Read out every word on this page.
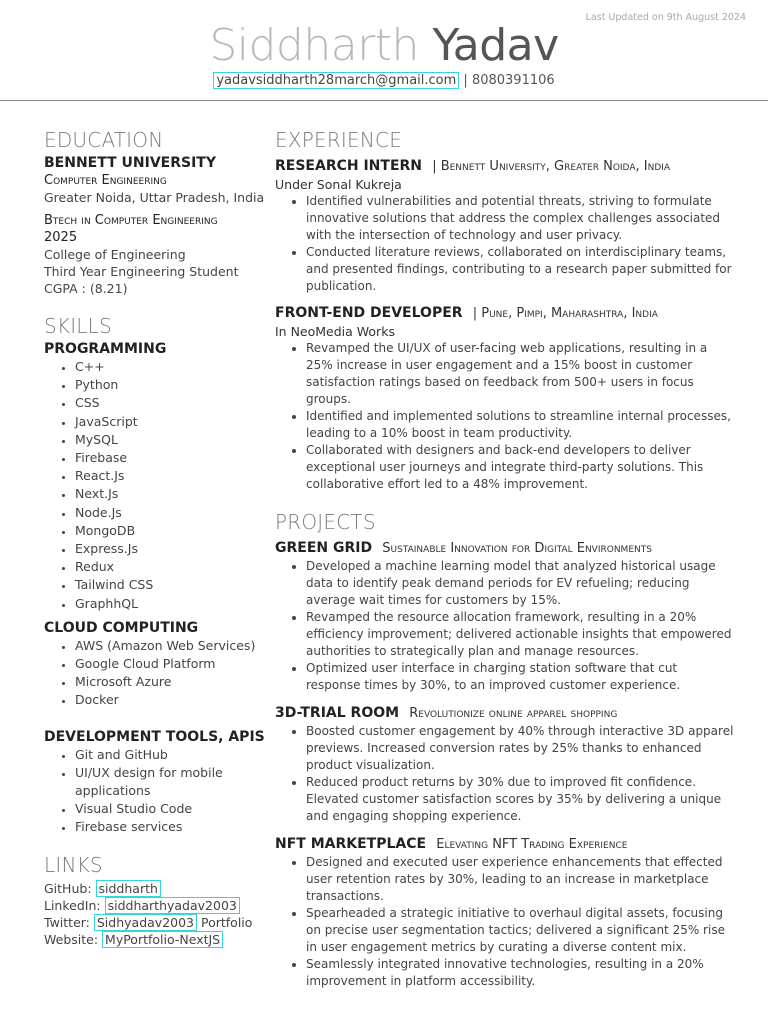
Last Updated on 9th August 2024
Siddharth Yadav
yadavsiddharth28march@gmail.com | 8080391106
EDUCATION
BENNETT UNIVERSITY
Computer Engineering
Greater Noida, Uttar Pradesh, India
Btech in Computer Engineering
2025
College of Engineering
Third Year Engineering Student
CGPA : (8.21)
SKILLS
PROGRAMMING
• C++
• Python
• CSS
• JavaScript
• MySQL
• Firebase
• React.Js
• Next.Js
• Node.Js
• MongoDB
• Express.Js
• Redux
• Tailwind CSS
• GraphhQL
CLOUD COMPUTING
• AWS (Amazon Web Services)
• Google Cloud Platform
• Microsoft Azure
• Docker
DEVELOPMENT TOOLS, APIS
• Git and GitHub
• UI/UX design for mobile applications
• Visual Studio Code
• Firebase services
LINKS
GitHub: siddharth
LinkedIn: siddharthyadav2003
Twitter: Sidhyadav2003 Portfolio
Website: MyPortfolio-NextJS
EXPERIENCE
RESEARCH INTERN | Bennett University, Greater Noida, India
Under Sonal Kukreja
• Identified vulnerabilities and potential threats, striving to formulate innovative solutions that address the complex challenges associated with the intersection of technology and user privacy.
• Conducted literature reviews, collaborated on interdisciplinary teams, and presented findings, contributing to a research paper submitted for publication.
FRONT-END DEVELOPER | Pune, Pimpi, Maharashtra, India
In NeoMedia Works
• Revamped the UI/UX of user-facing web applications, resulting in a 25% increase in user engagement and a 15% boost in customer satisfaction ratings based on feedback from 500+ users in focus groups.
• Identified and implemented solutions to streamline internal processes, leading to a 10% boost in team productivity.
• Collaborated with designers and back-end developers to deliver exceptional user journeys and integrate third-party solutions. This collaborative effort led to a 48% improvement.
PROJECTS
GREEN GRID Sustainable Innovation for Digital Environments
• Developed a machine learning model that analyzed historical usage data to identify peak demand periods for EV refueling; reducing average wait times for customers by 15%.
• Revamped the resource allocation framework, resulting in a 20% efficiency improvement; delivered actionable insights that empowered authorities to strategically plan and manage resources.
• Optimized user interface in charging station software that cut response times by 30%, to an improved customer experience.
3D-TRIAL ROOM Revolutionize online apparel shopping
• Boosted customer engagement by 40% through interactive 3D apparel previews. Increased conversion rates by 25% thanks to enhanced product visualization.
• Reduced product returns by 30% due to improved fit confidence. Elevated customer satisfaction scores by 35% by delivering a unique and engaging shopping experience.
NFT MARKETPLACE Elevating NFT Trading Experience
• Designed and executed user experience enhancements that effected user retention rates by 30%, leading to an increase in marketplace transactions.
• Spearheaded a strategic initiative to overhaul digital assets, focusing on precise user segmentation tactics; delivered a significant 25% rise in user engagement metrics by curating a diverse content mix.
• Seamlessly integrated innovative technologies, resulting in a 20% improvement in platform accessibility.
